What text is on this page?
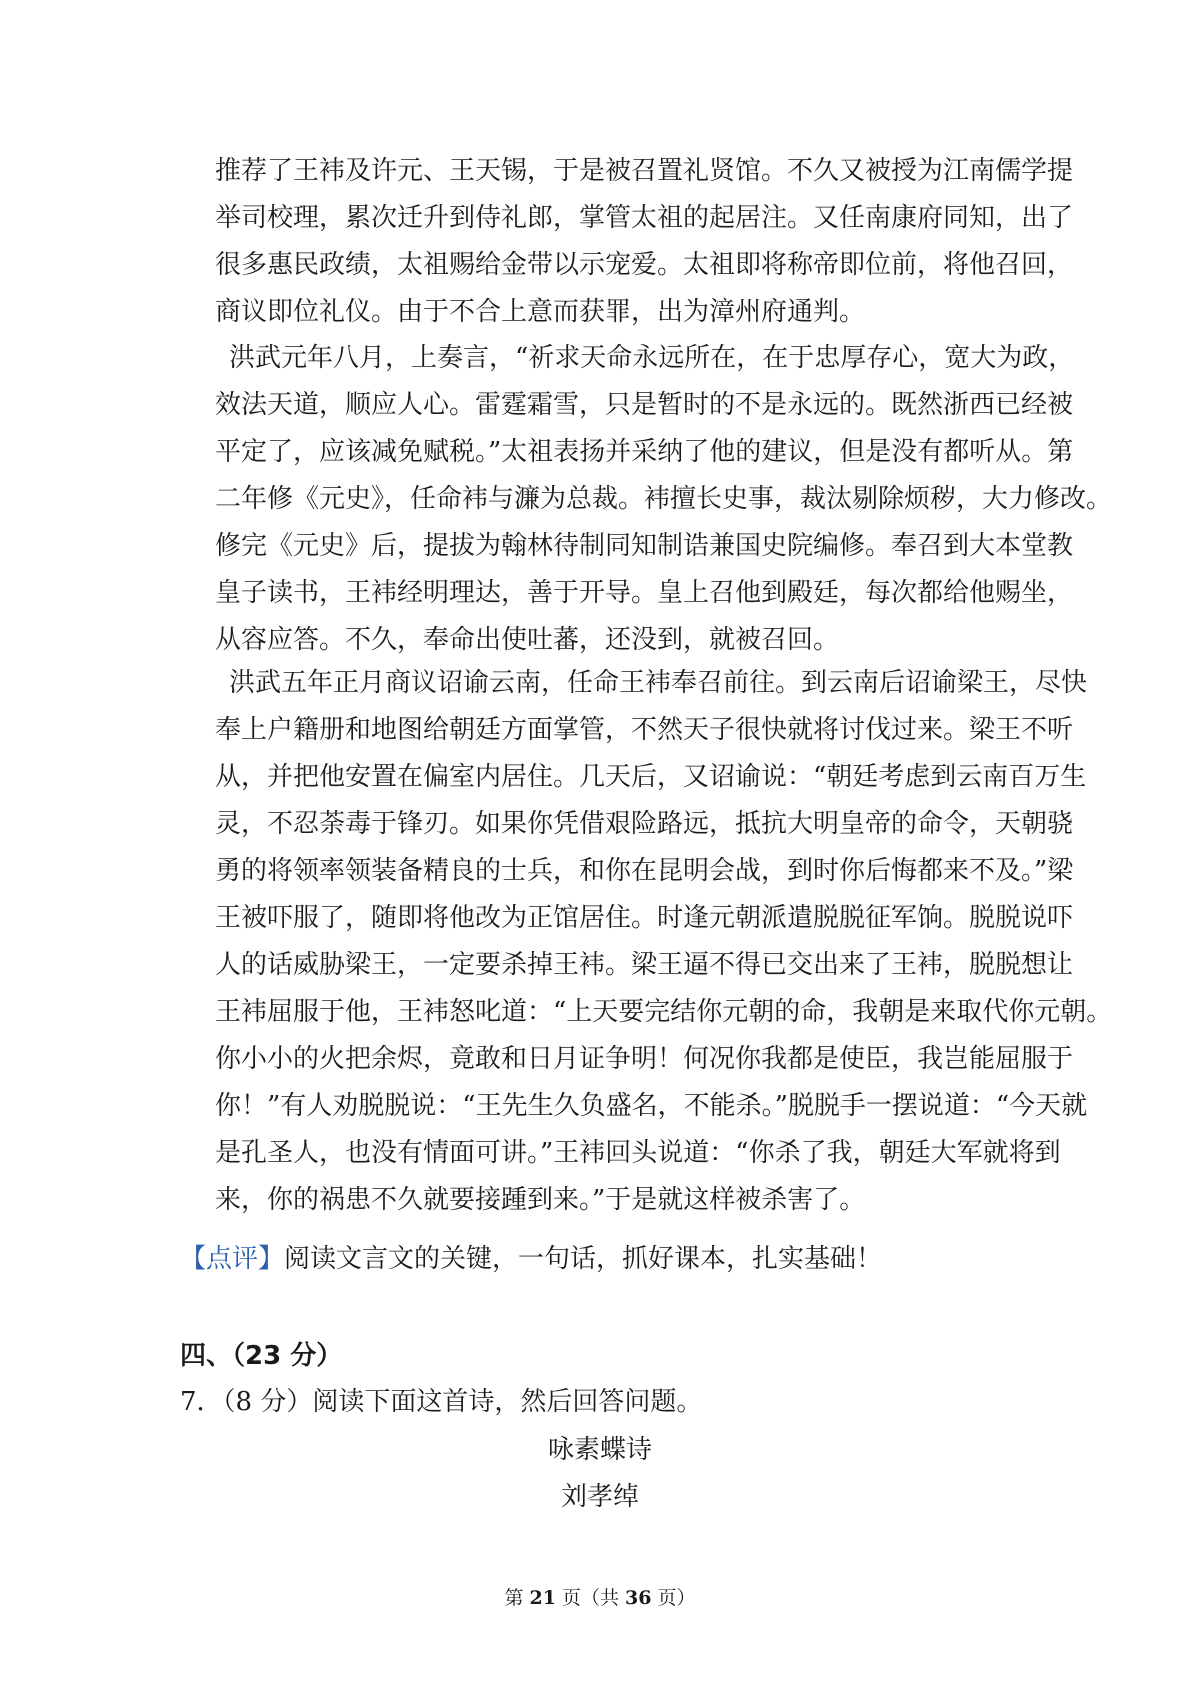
推荐了王袆及许元、王天锡，于是被召置礼贤馆。不久又被授为江南儒学提
举司校理，累次迁升到侍礼郎，掌管太祖的起居注。又任南康府同知，出了
很多惠民政绩，太祖赐给金带以示宠爱。太祖即将称帝即位前，将他召回，
商议即位礼仪。由于不合上意而获罪，出为漳州府通判。
洪武元年八月，上奏言，“祈求天命永远所在，在于忠厚存心，宽大为政，
效法天道，顺应人心。雷霆霜雪，只是暂时的不是永远的。既然浙西已经被
平定了，应该减免赋税。”太祖表扬并采纳了他的建议，但是没有都听从。第
二年修《元史》，任命袆与濂为总裁。袆擅长史事，裁汰剔除烦秽，大力修改。
修完《元史》后，提拔为翰林待制同知制诰兼国史院编修。奉召到大本堂教
皇子读书，王袆经明理达，善于开导。皇上召他到殿廷，每次都给他赐坐，
从容应答。不久，奉命出使吐蕃，还没到，就被召回。
洪武五年正月商议诏谕云南，任命王袆奉召前往。到云南后诏谕梁王，尽快
奉上户籍册和地图给朝廷方面掌管，不然天子很快就将讨伐过来。梁王不听
从，并把他安置在偏室内居住。几天后，又诏谕说：“朝廷考虑到云南百万生
灵，不忍荼毒于锋刃。如果你凭借艰险路远，抵抗大明皇帝的命令，天朝骁
勇的将领率领装备精良的士兵，和你在昆明会战，到时你后悔都来不及。”梁
王被吓服了，随即将他改为正馆居住。时逢元朝派遣脱脱征军饷。脱脱说吓
人的话威胁梁王，一定要杀掉王袆。梁王逼不得已交出来了王袆，脱脱想让
王袆屈服于他，王袆怒叱道：“上天要完结你元朝的命，我朝是来取代你元朝。
你小小的火把余烬，竟敢和日月证争明！何况你我都是使臣，我岂能屈服于
你！”有人劝脱脱说：“王先生久负盛名，不能杀。”脱脱手一摆说道：“今天就
是孔圣人，也没有情面可讲。”王袆回头说道：“你杀了我，朝廷大军就将到
来，你的祸患不久就要接踵到来。”于是就这样被杀害了。
【点评】阅读文言文的关键，一句话，抓好课本，扎实基础！
四、（23 分）
7．（8 分）阅读下面这首诗，然后回答问题。
咏素蝶诗
刘孝绰
第 21 页（共 36 页）
